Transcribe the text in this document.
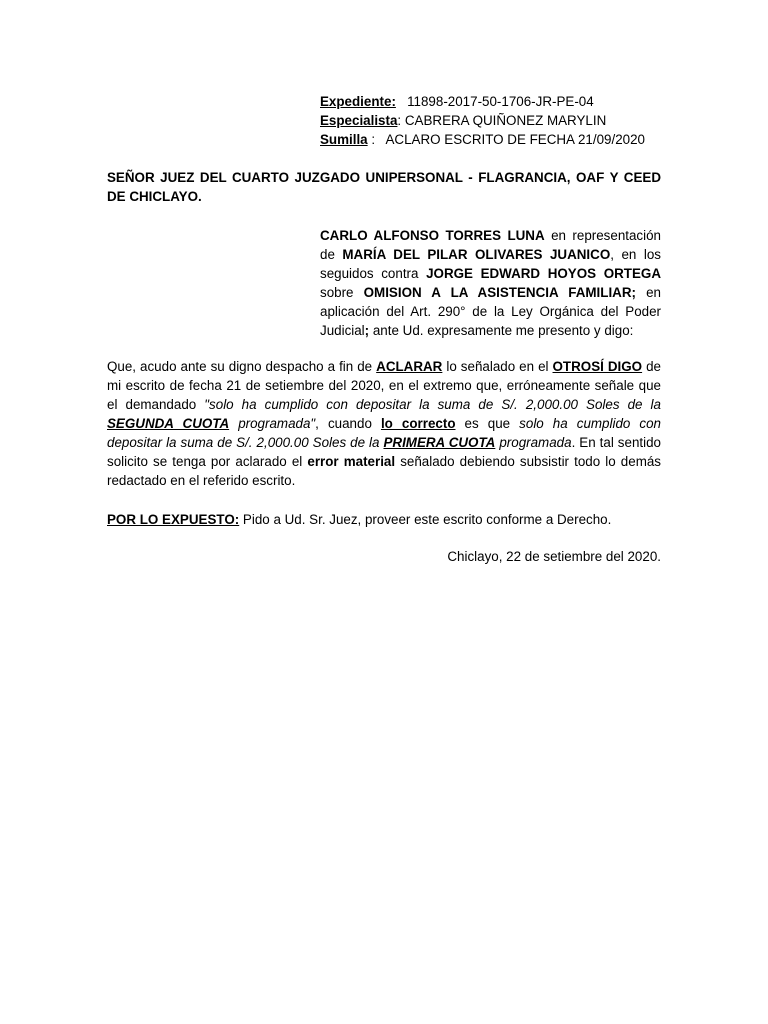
Expediente: 11898-2017-50-1706-JR-PE-04
Especialista: CABRERA QUIÑONEZ MARYLIN
Sumilla :   ACLARO ESCRITO DE FECHA 21/09/2020
SEÑOR JUEZ DEL CUARTO JUZGADO UNIPERSONAL - FLAGRANCIA, OAF Y CEED DE CHICLAYO.
CARLO ALFONSO TORRES LUNA en representación de MARÍA DEL PILAR OLIVARES JUANICO, en los seguidos contra JORGE EDWARD HOYOS ORTEGA sobre OMISION A LA ASISTENCIA FAMILIAR; en aplicación del Art. 290° de la Ley Orgánica del Poder Judicial; ante Ud. expresamente me presento y digo:
Que, acudo ante su digno despacho a fin de ACLARAR lo señalado en el OTROSÍ DIGO de mi escrito de fecha 21 de setiembre del 2020, en el extremo que, erróneamente señale que el demandado "solo ha cumplido con depositar la suma de S/. 2,000.00 Soles de la SEGUNDA CUOTA programada", cuando lo correcto es que solo ha cumplido con depositar la suma de S/. 2,000.00 Soles de la PRIMERA CUOTA programada. En tal sentido solicito se tenga por aclarado el error material señalado debiendo subsistir todo lo demás redactado en el referido escrito.
POR LO EXPUESTO: Pido a Ud. Sr. Juez, proveer este escrito conforme a Derecho.
Chiclayo, 22 de setiembre del 2020.
